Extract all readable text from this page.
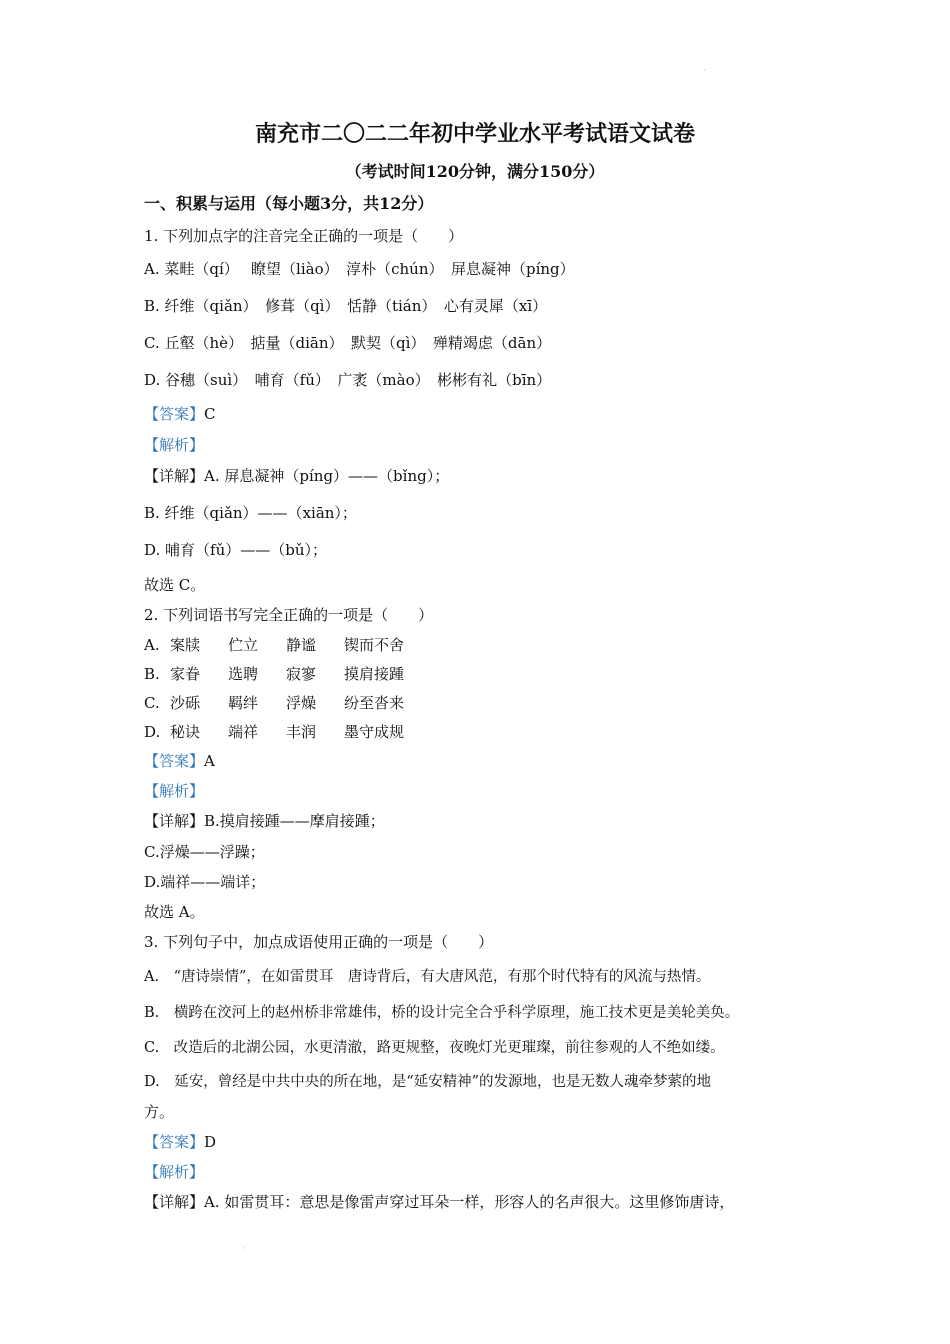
·
南充市二〇二二年初中学业水平考试语文试卷
（考试时间120分钟，满分150分）
一、积累与运用（每小题3分，共12分）
1. 下列加点字的注音完全正确的一项是（　　）
A. 菜畦（qí）　 瞭望（liào）　淳朴（chún）　屏息凝神（píng）
B. 纤维（qiǎn）　修葺（qì）　恬静（tián）　心有灵犀（xī）
C. 丘壑（hè）　掂量（diān）　默契（qì）　殚精竭虑（dān）
D. 谷穗（suì）　哺育（fǔ）　广袤（mào）　彬彬有礼（bīn）
【答案】C
【解析】
【详解】A. 屏息凝神（píng）——（bǐng）；
B. 纤维（qiǎn）——（xiān）；
D. 哺育（fǔ）——（bǔ）；
故选 C。
2. 下列词语书写完全正确的一项是（　　）
A. 案牍 伫立 静谧 锲而不舍
B. 家眷 选聘 寂寥 摸肩接踵
C. 沙砾 羁绊 浮燥 纷至沓来
D. 秘诀 端祥 丰润 墨守成规
【答案】A
【解析】
【详解】B.摸肩接踵——摩肩接踵；
C.浮燥——浮躁；
D.端祥——端详；
故选 A。
3. 下列句子中，加点成语使用正确的一项是（　　）
A.　“唐诗崇情”，在如雷贯耳　唐诗背后，有大唐风范，有那个时代特有的风流与热情。
B.　横跨在洨河上的赵州桥非常雄伟，桥的设计完全合乎科学原理，施工技术更是美轮美奂。
C.　改造后的北湖公园，水更清澈，路更规整，夜晚灯光更璀璨，前往参观的人不绝如缕。
D.　延安，曾经是中共中央的所在地，是“延安精神”的发源地，也是无数人魂牵梦萦的地
方。
【答案】D
【解析】
【详解】A. 如雷贯耳：意思是像雷声穿过耳朵一样，形容人的名声很大。这里修饰唐诗，
·
